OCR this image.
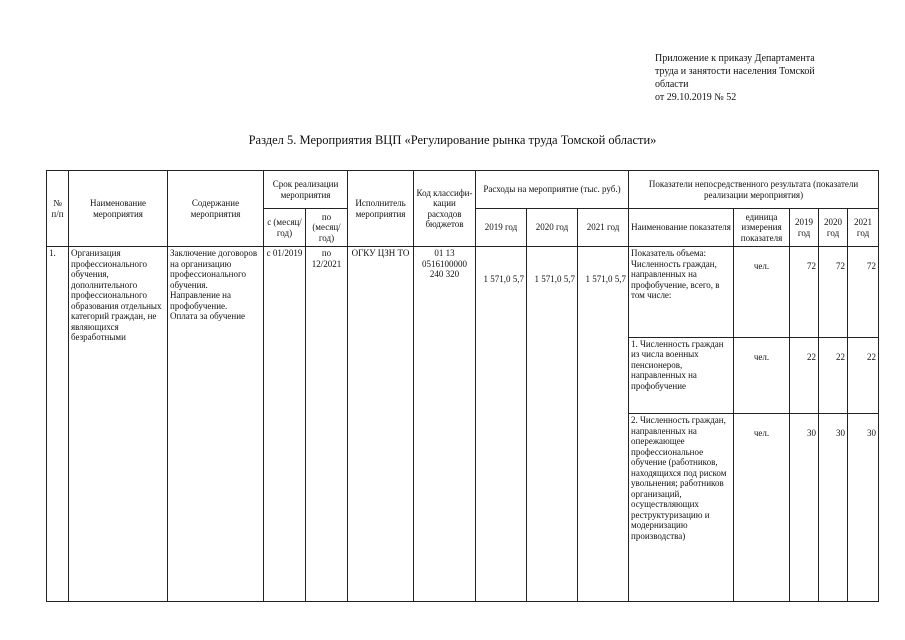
Приложение к приказу Департамента
труда и занятости населения Томской
области
от 29.10.2019 № 52
Раздел 5. Мероприятия ВЦП «Регулирование рынка труда Томской области»
№ п/п	Наименование мероприятия	Содержание мероприятия	Срок реализации мероприятия		Исполнитель мероприятия	Код классифи- кации расходов бюджетов	Расходы на мероприятие (тыс. руб.)			Показатели непосредственного результата (показатели реализации мероприятия)				
			с (месяц/ год)	по (месяц/ год)			2019 год	2020 год	2021 год	Наименование показателя	единица измерения показателя	2019 год	2020 год	2021 год
1.	Организация профессионального обучения, дополнительного профессионального образования отдельных категорий граждан, не являющихся безработными	Заключение договоров на организацию профессионального обучения.
Направление на профобучение.
Оплата за обучение	с 01/2019	по 12/2021	ОГКУ ЦЗН ТО	01 13 0516100000 240 320	1 571,0 5,7	1 571,0 5,7	1 571,0 5,7	Показатель объема: Численность граждан, направленных на профобучение, всего, в том числе:	чел.	72	72	72
										1. Численность граждан из числа военных пенсионеров, направленных на профобучение	чел.	22	22	22
										2. Численность граждан, направленных на опережающее профессиональное обучение (работников, находящихся под риском увольнения; работников организаций, осуществляющих реструктуризацию и модернизацию производства)	чел.	30	30	30
